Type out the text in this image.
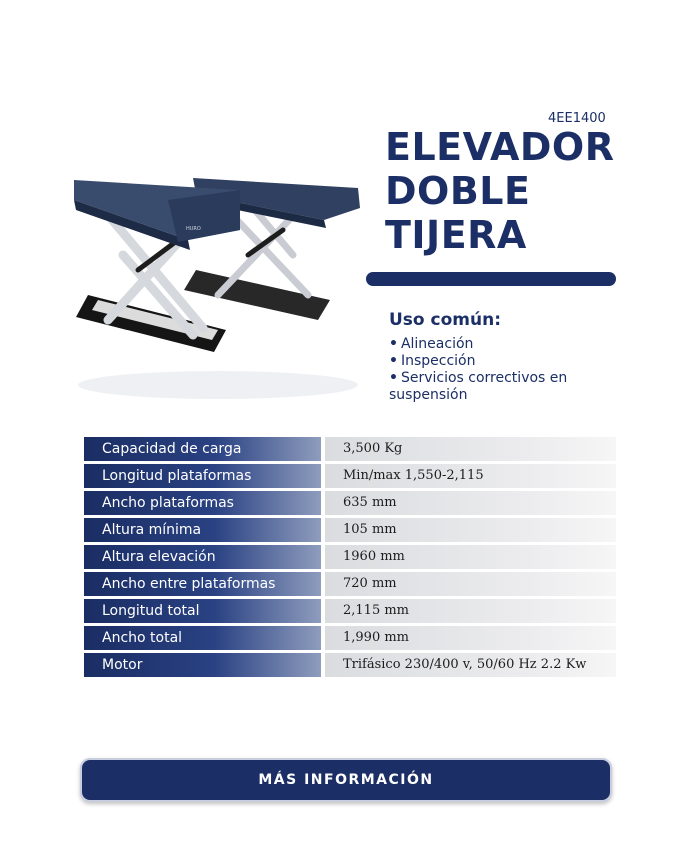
HURO
4EE1400
ELEVADOR
DOBLE
TIJERA
Uso común:
• Alineación
• Inspección
• Servicios correctivos en suspensión
Capacidad de carga	3,500 Kg
Longitud plataformas	Min/max 1,550-2,115
Ancho plataformas	635 mm
Altura mínima	105 mm
Altura elevación	1960 mm
Ancho entre plataformas	720 mm
Longitud total	2,115 mm
Ancho total	1,990 mm
Motor	Trifásico 230/400 v, 50/60 Hz 2.2 Kw
MÁS INFORMACIÓN
